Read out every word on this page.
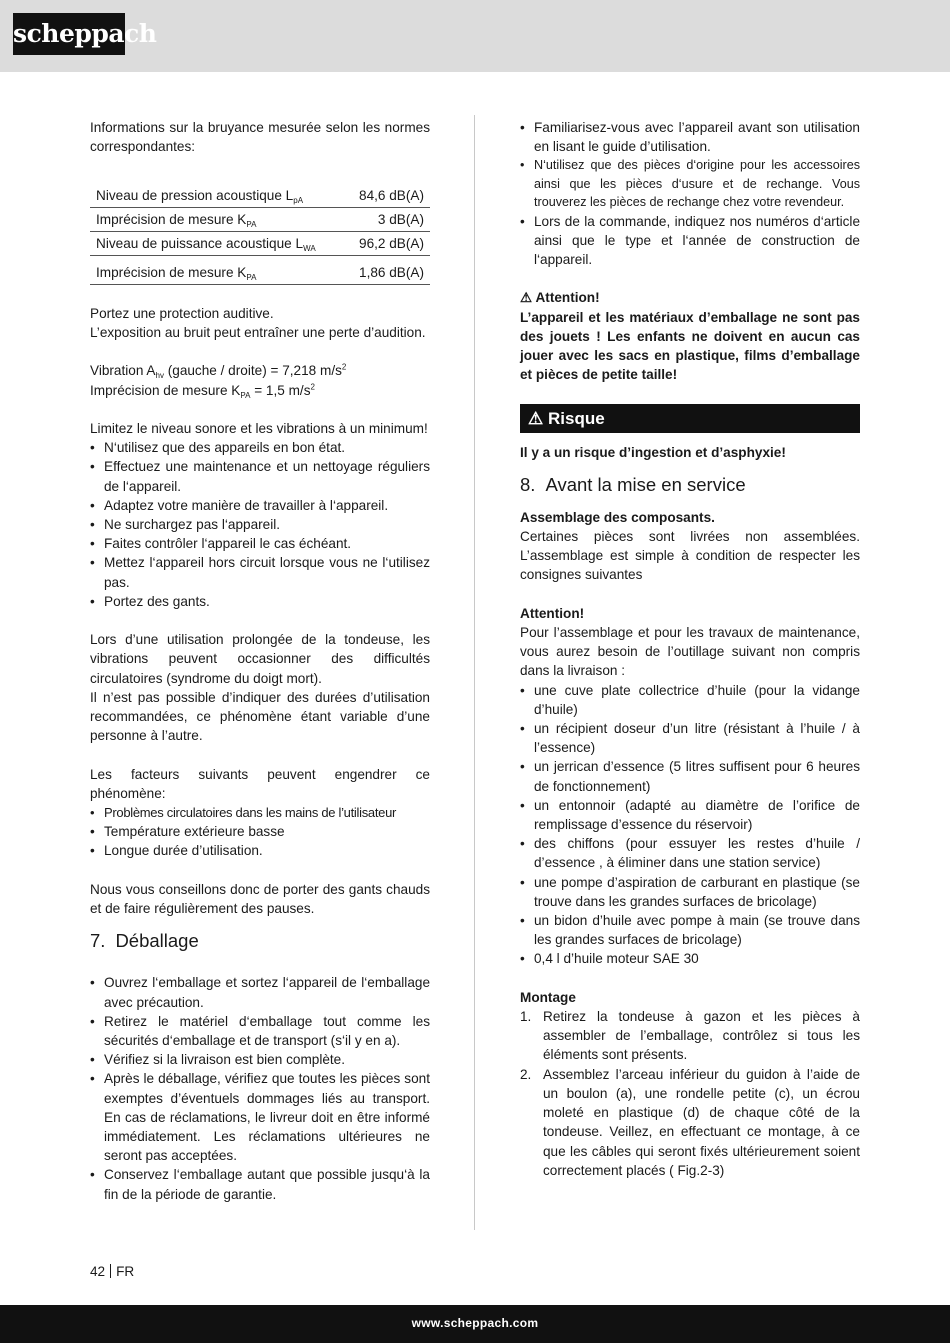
scheppach

Informations sur la bruyance mesurée selon les normes correspondantes:

Niveau de pression acoustique $L_{pA}$	84,6 dB(A)
Imprécision de mesure $K_{PA}$	3 dB(A)
Niveau de puissance acoustique $L_{WA}$	96,2 dB(A)
Imprécision de mesure $K_{PA}$	1,86 dB(A)

Portez une protection auditive.

L’exposition au bruit peut entraîner une perte d’audition.

Vibration $A_{hv}$ (gauche / droite) = 7,218 $m/s^2$

Imprécision de mesure $K_{PA} = 1,5$ $m/s^2$

Limitez le niveau sonore et les vibrations à un minimum!

• N‘utilisez que des appareils en bon état.
• Effectuez une maintenance et un nettoyage réguliers de l‘appareil.
• Adaptez votre manière de travailler à l‘appareil.
• Ne surchargez pas l‘appareil.
• Faites contrôler l‘appareil le cas échéant.
• Mettez l‘appareil hors circuit lorsque vous ne l‘utilisez pas.
• Portez des gants.

Lors d’une utilisation prolongée de la tondeuse, les vibrations peuvent occasionner des difficultés circulatoires (syndrome du doigt mort).

Il n’est pas possible d’indiquer des durées d’utilisation recommandées, ce phénomène étant variable d’une personne à l’autre.

Les facteurs suivants peuvent engendrer ce phénomène:

• Problèmes circulatoires dans les mains de l’utilisateur
• Température extérieure basse
• Longue durée d’utilisation.

Nous vous conseillons donc de porter des gants chauds et de faire régulièrement des pauses.

7. Déballage
• Ouvrez l‘emballage et sortez l‘appareil de l‘emballage avec précaution.
• Retirez le matériel d‘emballage tout comme les sécurités d‘emballage et de transport (s‘il y en a).
• Vérifiez si la livraison est bien complète.
• Après le déballage, vérifiez que toutes les pièces sont exemptes d’éventuels dommages liés au transport. En cas de réclamations, le livreur doit en être informé immédiatement. Les réclamations ultérieures ne seront pas acceptées.
• Conservez l‘emballage autant que possible jusqu‘à la fin de la période de garantie.
• Familiarisez-vous avec l’appareil avant son utilisation en lisant le guide d’utilisation.
• N‘utilisez que des pièces d‘origine pour les accessoires ainsi que les pièces d‘usure et de rechange. Vous trouverez les pièces de rechange chez votre revendeur.
• Lors de la commande, indiquez nos numéros d‘article ainsi que le type et l‘année de construction de l‘appareil.

⚠ Attention!

L’appareil et les matériaux d’emballage ne sont pas des jouets ! Les enfants ne doivent en aucun cas jouer avec les sacs en plastique, films d’emballage et pièces de petite taille!

⚠ Risque

Il y a un risque d’ingestion et d’asphyxie!

8. Avant la mise en service

Assemblage des composants.

Certaines pièces sont livrées non assemblées. L’assemblage est simple à condition de respecter les consignes suivantes

Attention!

Pour l’assemblage et pour les travaux de maintenance, vous aurez besoin de l’outillage suivant non compris dans la livraison :

• une cuve plate collectrice d’huile (pour la vidange d’huile)
• un récipient doseur d’un litre (résistant à l’huile / à l’essence)
• un jerrican d’essence (5 litres suffisent pour 6 heures de fonctionnement)
• un entonnoir (adapté au diamètre de l’orifice de remplissage d’essence du réservoir)
• des chiffons (pour essuyer les restes d’huile / d’essence , à éliminer dans une station service)
• une pompe d’aspiration de carburant en plastique (se trouve dans les grandes surfaces de bricolage)
• un bidon d’huile avec pompe à main (se trouve dans les grandes surfaces de bricolage)
• 0,4 l d’huile moteur SAE 30

Montage

1. Retirez la tondeuse à gazon et les pièces à assembler de l’emballage, contrôlez si tous les éléments sont présents.
2. Assemblez l’arceau inférieur du guidon à l’aide de un boulon (a), une rondelle petite (c), un écrou moleté en plastique (d) de chaque côté de la tondeuse. Veillez, en effectuant ce montage, à ce que les câbles qui seront fixés ultérieurement soient correctement placés ( Fig.2-3)
42 FR
www.scheppach.com
